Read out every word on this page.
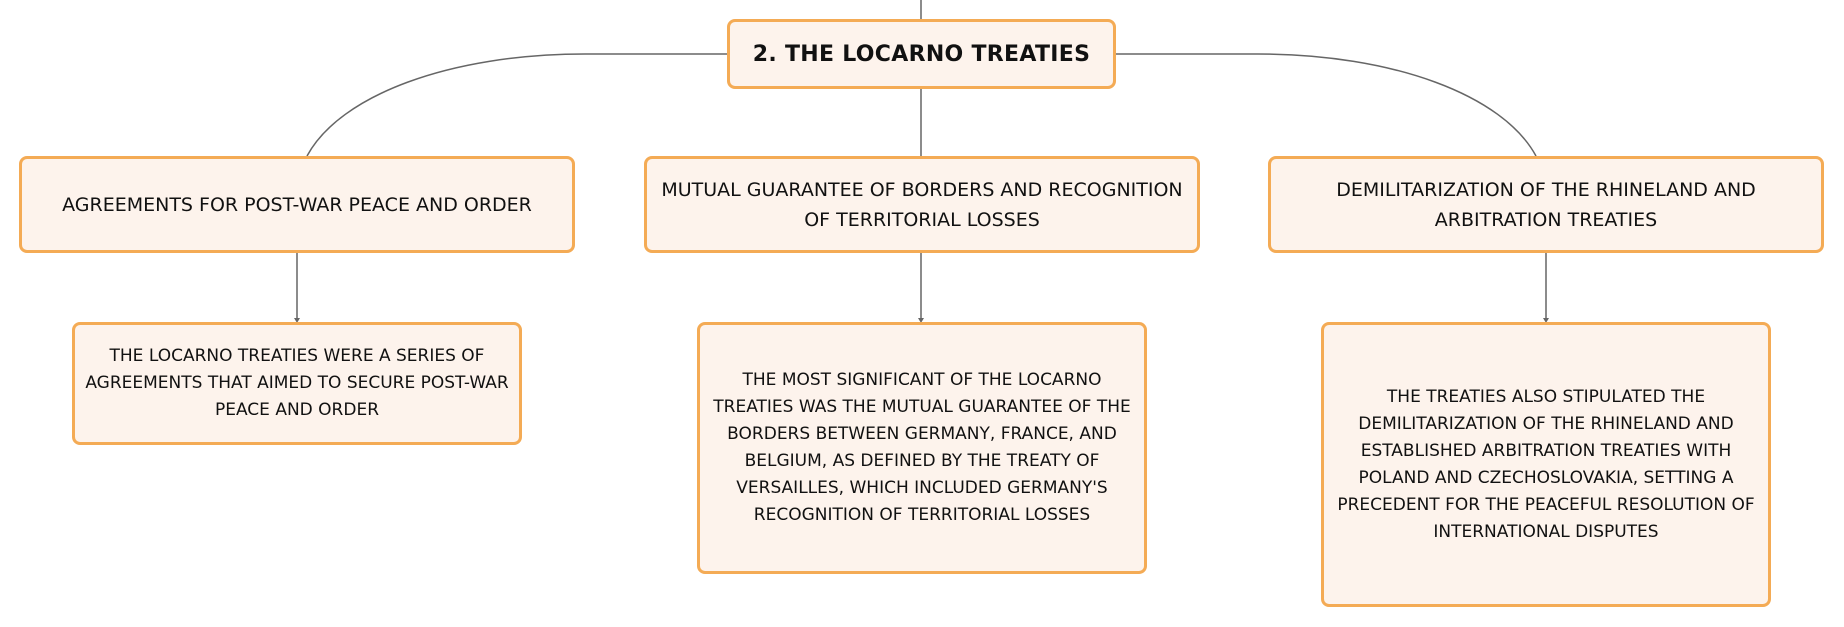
2. THE LOCARNO TREATIES
AGREEMENTS FOR POST-WAR PEACE AND ORDER
MUTUAL GUARANTEE OF BORDERS AND RECOGNITION OF TERRITORIAL LOSSES
DEMILITARIZATION OF THE RHINELAND AND ARBITRATION TREATIES
THE LOCARNO TREATIES WERE A SERIES OF AGREEMENTS THAT AIMED TO SECURE POST-WAR PEACE AND ORDER
THE MOST SIGNIFICANT OF THE LOCARNO TREATIES WAS THE MUTUAL GUARANTEE OF THE BORDERS BETWEEN GERMANY, FRANCE, AND BELGIUM, AS DEFINED BY THE TREATY OF VERSAILLES, WHICH INCLUDED GERMANY'S RECOGNITION OF TERRITORIAL LOSSES
THE TREATIES ALSO STIPULATED THE DEMILITARIZATION OF THE RHINELAND AND ESTABLISHED ARBITRATION TREATIES WITH POLAND AND CZECHOSLOVAKIA, SETTING A PRECEDENT FOR THE PEACEFUL RESOLUTION OF INTERNATIONAL DISPUTES
